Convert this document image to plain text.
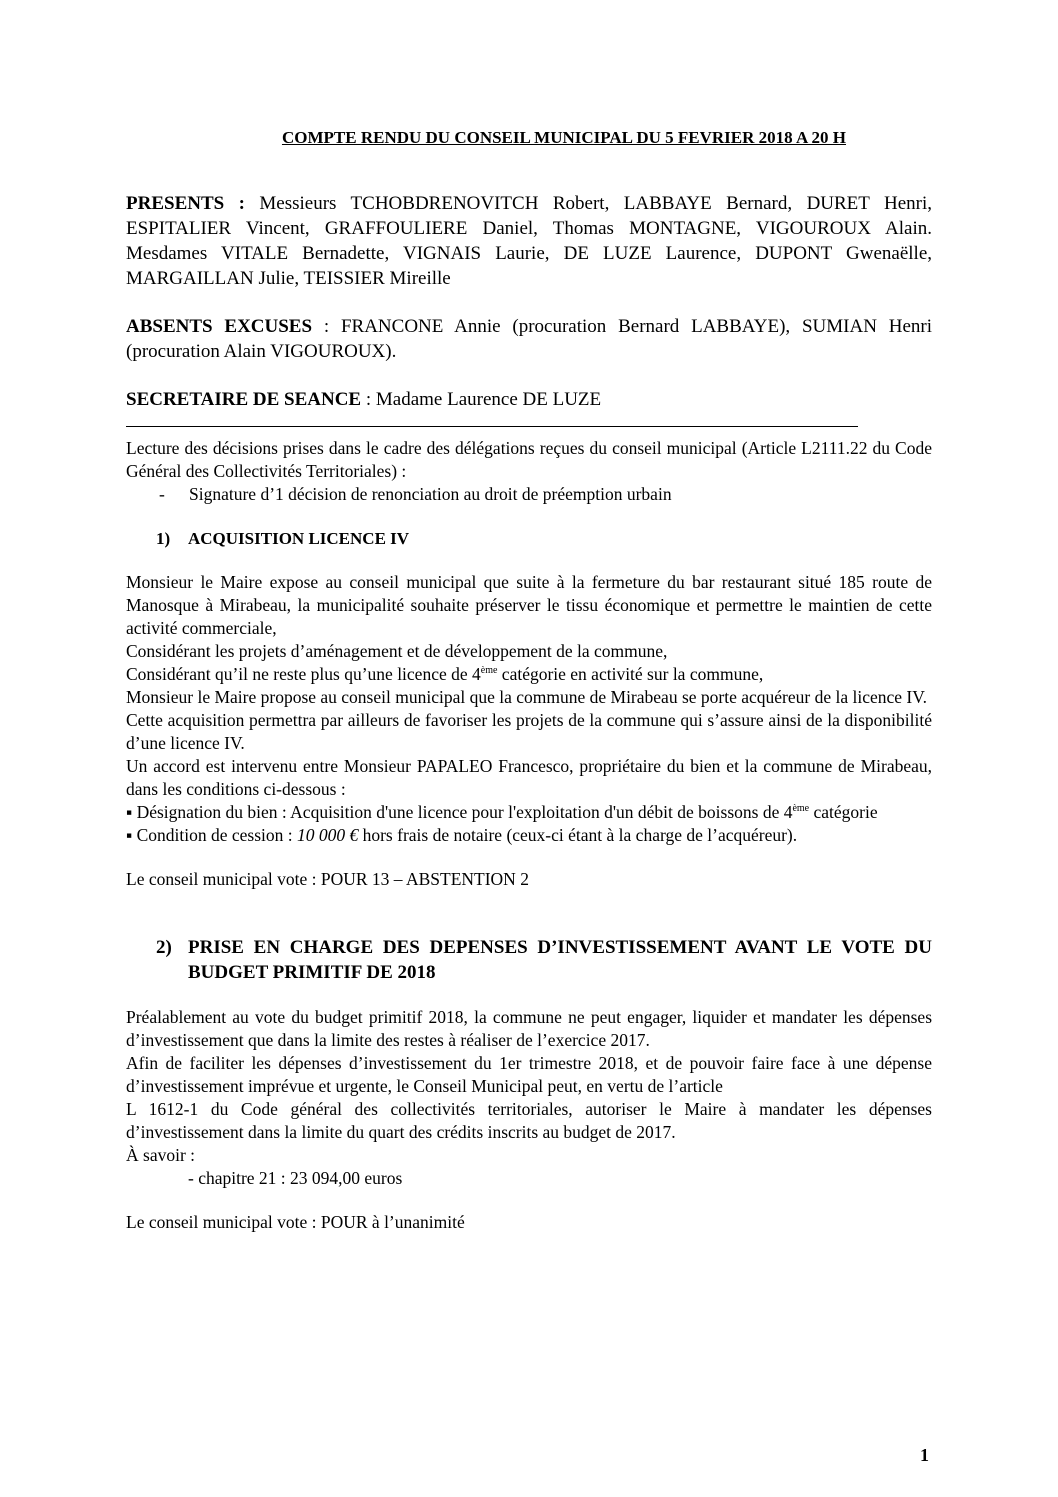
COMPTE RENDU DU CONSEIL MUNICIPAL DU 5 FEVRIER 2018 A 20 H

PRESENTS : Messieurs TCHOBDRENOVITCH Robert, LABBAYE Bernard, DURET Henri, ESPITALIER Vincent, GRAFFOULIERE Daniel, Thomas MONTAGNE, VIGOUROUX Alain. Mesdames VITALE Bernadette, VIGNAIS Laurie, DE LUZE Laurence, DUPONT Gwenaëlle, MARGAILLAN Julie, TEISSIER Mireille

ABSENTS EXCUSES : FRANCONE Annie (procuration Bernard LABBAYE), SUMIAN Henri (procuration Alain VIGOUROUX).

SECRETAIRE DE SEANCE : Madame Laurence DE LUZE

Lecture des décisions prises dans le cadre des délégations reçues du conseil municipal (Article L2111.22 du Code Général des Collectivités Territoriales) :

-	Signature d’1 décision de renonciation au droit de préemption urbain
1)	ACQUISITION LICENCE IV

Monsieur le Maire expose au conseil municipal que suite à la fermeture du bar restaurant situé 185 route de Manosque à Mirabeau, la municipalité souhaite préserver le tissu économique et permettre le maintien de cette activité commerciale,

Considérant les projets d’aménagement et de développement de la commune,

Considérant qu’il ne reste plus qu’une licence de 4ème catégorie en activité sur la commune,

Monsieur le Maire propose au conseil municipal que la commune de Mirabeau se porte acquéreur de la licence IV.

Cette acquisition permettra par ailleurs de favoriser les projets de la commune qui s’assure ainsi de la disponibilité d’une licence IV.

Un accord est intervenu entre Monsieur PAPALEO Francesco, propriétaire du bien et la commune de Mirabeau, dans les conditions ci-dessous :

▪ Désignation du bien : Acquisition d'une licence pour l'exploitation d'un débit de boissons de 4ème catégorie

▪ Condition de cession : 10 000 € hors frais de notaire (ceux-ci étant à la charge de l’acquéreur).

Le conseil municipal vote : POUR 13 – ABSTENTION 2

2) PRISE EN CHARGE DES DEPENSES D’INVESTISSEMENT AVANT LE VOTE DU BUDGET PRIMITIF DE 2018

Préalablement au vote du budget primitif 2018, la commune ne peut engager, liquider et mandater les dépenses d’investissement que dans la limite des restes à réaliser de l’exercice 2017.

Afin de faciliter les dépenses d’investissement du 1er trimestre 2018, et de pouvoir faire face à une dépense d’investissement imprévue et urgente, le Conseil Municipal peut, en vertu de l’article

L 1612-1 du Code général des collectivités territoriales, autoriser le Maire à mandater les dépenses d’investissement dans la limite du quart des crédits inscrits au budget de 2017.

À savoir :

- chapitre 21 : 23 094,00 euros

Le conseil municipal vote : POUR à l’unanimité

1
